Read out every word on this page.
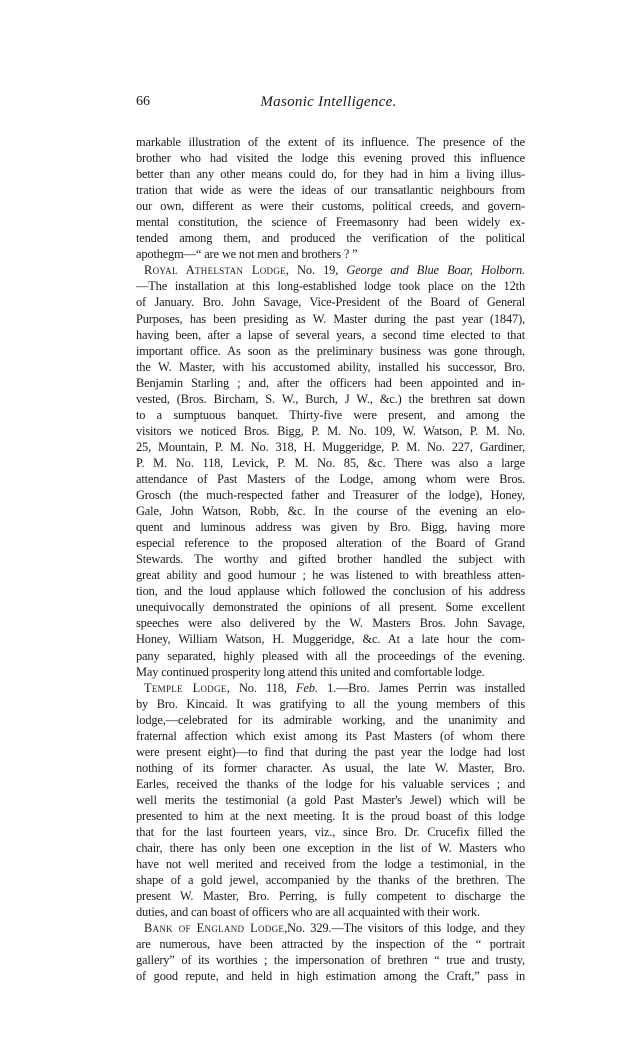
66	Masonic Intelligence.
markable illustration of the extent of its influence. The presence of the
brother who had visited the lodge this evening proved this influence
better than any other means could do, for they had in him a living illus-
tration that wide as were the ideas of our transatlantic neighbours from
our own, different as were their customs, political creeds, and govern-
mental constitution, the science of Freemasonry had been widely ex-
tended among them, and produced the verification of the political
apothegm—“ are we not men and brothers ? ”
Royal Athelstan Lodge, No. 19, George and Blue Boar, Holborn.
—The installation at this long-established lodge took place on the 12th
of January. Bro. John Savage, Vice-President of the Board of General
Purposes, has been presiding as W. Master during the past year (1847),
having been, after a lapse of several years, a second time elected to that
important office. As soon as the preliminary business was gone through,
the W. Master, with his accustomed ability, installed his successor, Bro.
Benjamin Starling ; and, after the officers had been appointed and in-
vested, (Bros. Bircham, S. W., Burch, J W., &c.) the brethren sat down
to a sumptuous banquet. Thirty-five were present, and among the
visitors we noticed Bros. Bigg, P. M. No. 109, W. Watson, P. M. No.
25, Mountain, P. M. No. 318, H. Muggeridge, P. M. No. 227, Gardiner,
P. M. No. 118, Levick, P. M. No. 85, &c. There was also a large
attendance of Past Masters of the Lodge, among whom were Bros.
Grosch (the much-respected father and Treasurer of the lodge), Honey,
Gale, John Watson, Robb, &c. In the course of the evening an elo-
quent and luminous address was given by Bro. Bigg, having more
especial reference to the proposed alteration of the Board of Grand
Stewards. The worthy and gifted brother handled the subject with
great ability and good humour ; he was listened to with breathless atten-
tion, and the loud applause which followed the conclusion of his address
unequivocally demonstrated the opinions of all present. Some excellent
speeches were also delivered by the W. Masters Bros. John Savage,
Honey, William Watson, H. Muggeridge, &c. At a late hour the com-
pany separated, highly pleased with all the proceedings of the evening.
May continued prosperity long attend this united and comfortable lodge.
Temple Lodge, No. 118, Feb. 1.—Bro. James Perrin was installed
by Bro. Kincaid. It was gratifying to all the young members of this
lodge,—celebrated for its admirable working, and the unanimity and
fraternal affection which exist among its Past Masters (of whom there
were present eight)—to find that during the past year the lodge had lost
nothing of its former character. As usual, the late W. Master, Bro.
Earles, received the thanks of the lodge for his valuable services ; and
well merits the testimonial (a gold Past Master's Jewel) which will be
presented to him at the next meeting. It is the proud boast of this lodge
that for the last fourteen years, viz., since Bro. Dr. Crucefix filled the
chair, there has only been one exception in the list of W. Masters who
have not well merited and received from the lodge a testimonial, in the
shape of a gold jewel, accompanied by the thanks of the brethren. The
present W. Master, Bro. Perring, is fully competent to discharge the
duties, and can boast of officers who are all acquainted with their work.
Bank of England Lodge,No. 329.—The visitors of this lodge, and they
are numerous, have been attracted by the inspection of the “ portrait
gallery” of its worthies ; the impersonation of brethren “ true and trusty,
of good repute, and held in high estimation among the Craft,” pass in
